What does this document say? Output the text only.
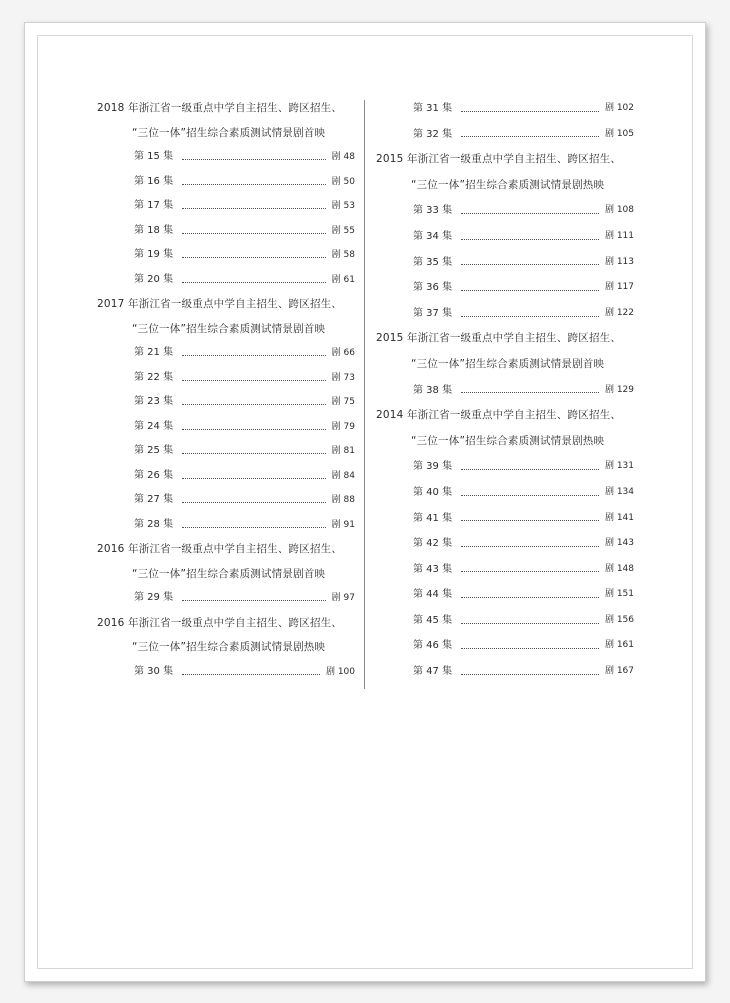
2018 年浙江省一级重点中学自主招生、跨区招生、
“三位一体”招生综合素质测试情景剧首映
第 15 集	剧 48
第 16 集	剧 50
第 17 集	剧 53
第 18 集	剧 55
第 19 集	剧 58
第 20 集	剧 61
2017 年浙江省一级重点中学自主招生、跨区招生、
“三位一体”招生综合素质测试情景剧首映
第 21 集	剧 66
第 22 集	剧 73
第 23 集	剧 75
第 24 集	剧 79
第 25 集	剧 81
第 26 集	剧 84
第 27 集	剧 88
第 28 集	剧 91
2016 年浙江省一级重点中学自主招生、跨区招生、
“三位一体”招生综合素质测试情景剧首映
第 29 集	剧 97
2016 年浙江省一级重点中学自主招生、跨区招生、
“三位一体”招生综合素质测试情景剧热映
第 30 集	剧 100
第 31 集	剧 102
第 32 集	剧 105
2015 年浙江省一级重点中学自主招生、跨区招生、
“三位一体”招生综合素质测试情景剧热映
第 33 集	剧 108
第 34 集	剧 111
第 35 集	剧 113
第 36 集	剧 117
第 37 集	剧 122
2015 年浙江省一级重点中学自主招生、跨区招生、
“三位一体”招生综合素质测试情景剧首映
第 38 集	剧 129
2014 年浙江省一级重点中学自主招生、跨区招生、
“三位一体”招生综合素质测试情景剧热映
第 39 集	剧 131
第 40 集	剧 134
第 41 集	剧 141
第 42 集	剧 143
第 43 集	剧 148
第 44 集	剧 151
第 45 集	剧 156
第 46 集	剧 161
第 47 集	剧 167
